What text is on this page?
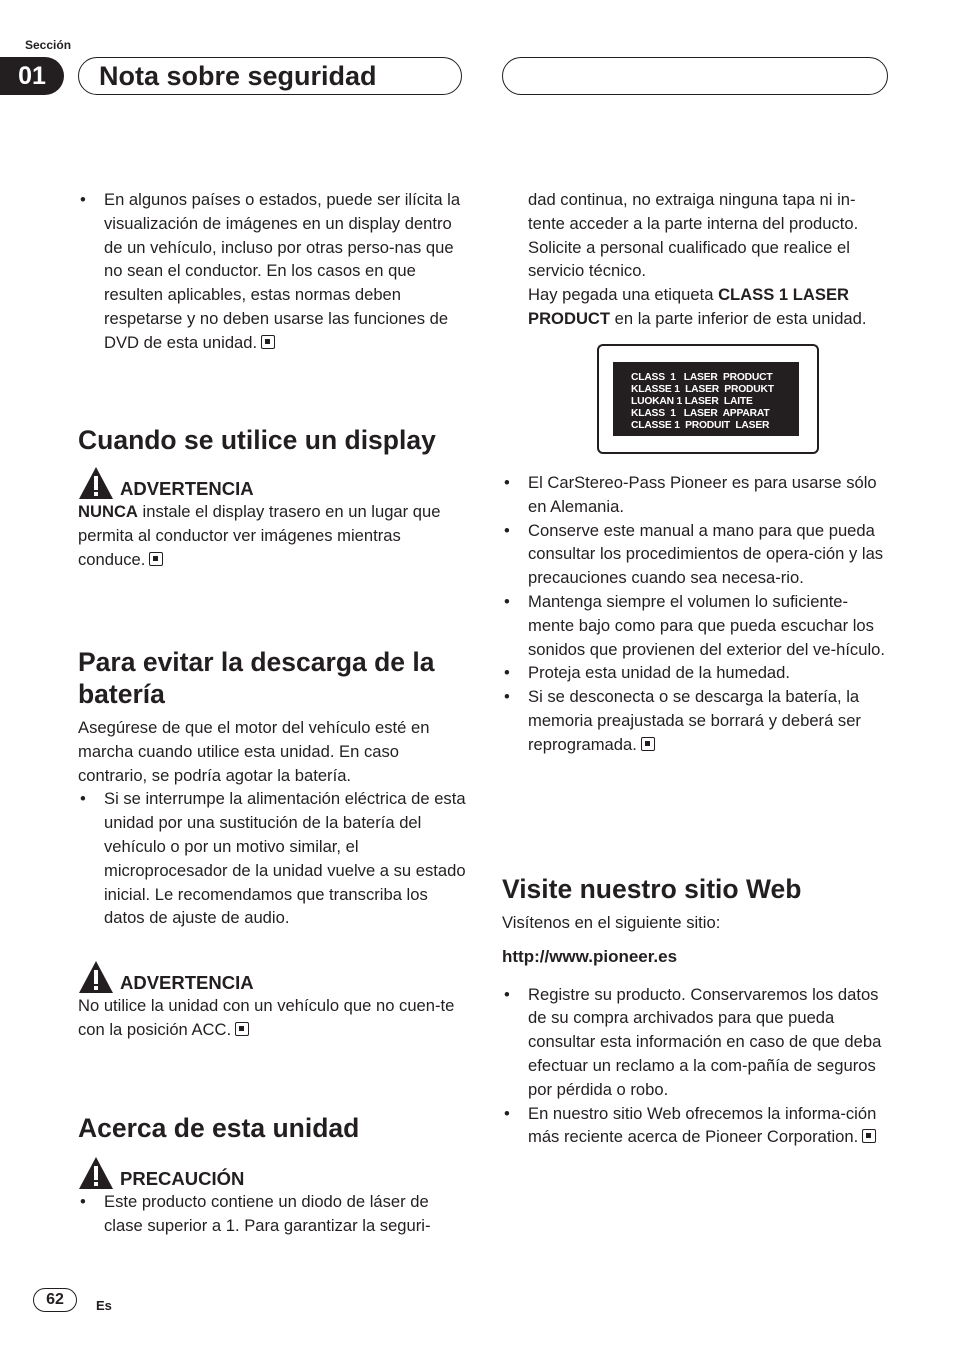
Sección
01	Nota sobre seguridad
• En algunos países o estados, puede ser ilícita la visualización de imágenes en un display dentro de un vehículo, incluso por otras perso-nas que no sean el conductor. En los casos en que resulten aplicables, estas normas deben respetarse y no deben usarse las funciones de DVD de esta unidad.
Cuando se utilice un display
ADVERTENCIA

NUNCA instale el display trasero en un lugar que permita al conductor ver imágenes mientras conduce.

Para evitar la descarga de la batería

Asegúrese de que el motor del vehículo esté en marcha cuando utilice esta unidad. En caso contrario, se podría agotar la batería.

• Si se interrumpe la alimentación eléctrica de esta unidad por una sustitución de la batería del vehículo o por un motivo similar, el microprocesador de la unidad vuelve a su estado inicial. Le recomendamos que transcriba los datos de ajuste de audio.
ADVERTENCIA

No utilice la unidad con un vehículo que no cuen-te con la posición ACC.

Acerca de esta unidad
PRECAUCIÓN
• Este producto contiene un diodo de láser de clase superior a 1. Para garantizar la seguri-

dad continua, no extraiga ninguna tapa ni in-tente acceder a la parte interna del producto. Solicite a personal cualificado que realice el servicio técnico.

Hay pegada una etiqueta CLASS 1 LASER PRODUCT en la parte inferior de esta unidad.

CLASS  1   LASER  PRODUCT
KLASSE 1  LASER  PRODUKT
LUOKAN 1 LASER  LAITE
KLASS  1   LASER  APPARAT
CLASSE 1  PRODUIT  LASER
• El CarStereo-Pass Pioneer es para usarse sólo en Alemania.
• Conserve este manual a mano para que pueda consultar los procedimientos de opera-ción y las precauciones cuando sea necesa-rio.
• Mantenga siempre el volumen lo suficiente-mente bajo como para que pueda escuchar los sonidos que provienen del exterior del ve-hículo.
• Proteja esta unidad de la humedad.
• Si se desconecta o se descarga la batería, la memoria preajustada se borrará y deberá ser reprogramada.
Visite nuestro sitio Web

Visítenos en el siguiente sitio:

http://www.pioneer.es

• Registre su producto. Conservaremos los datos de su compra archivados para que pueda consultar esta información en caso de que deba efectuar un reclamo a la com-pañía de seguros por pérdida o robo.
• En nuestro sitio Web ofrecemos la informa-ción más reciente acerca de Pioneer Corporation.
62	Es
